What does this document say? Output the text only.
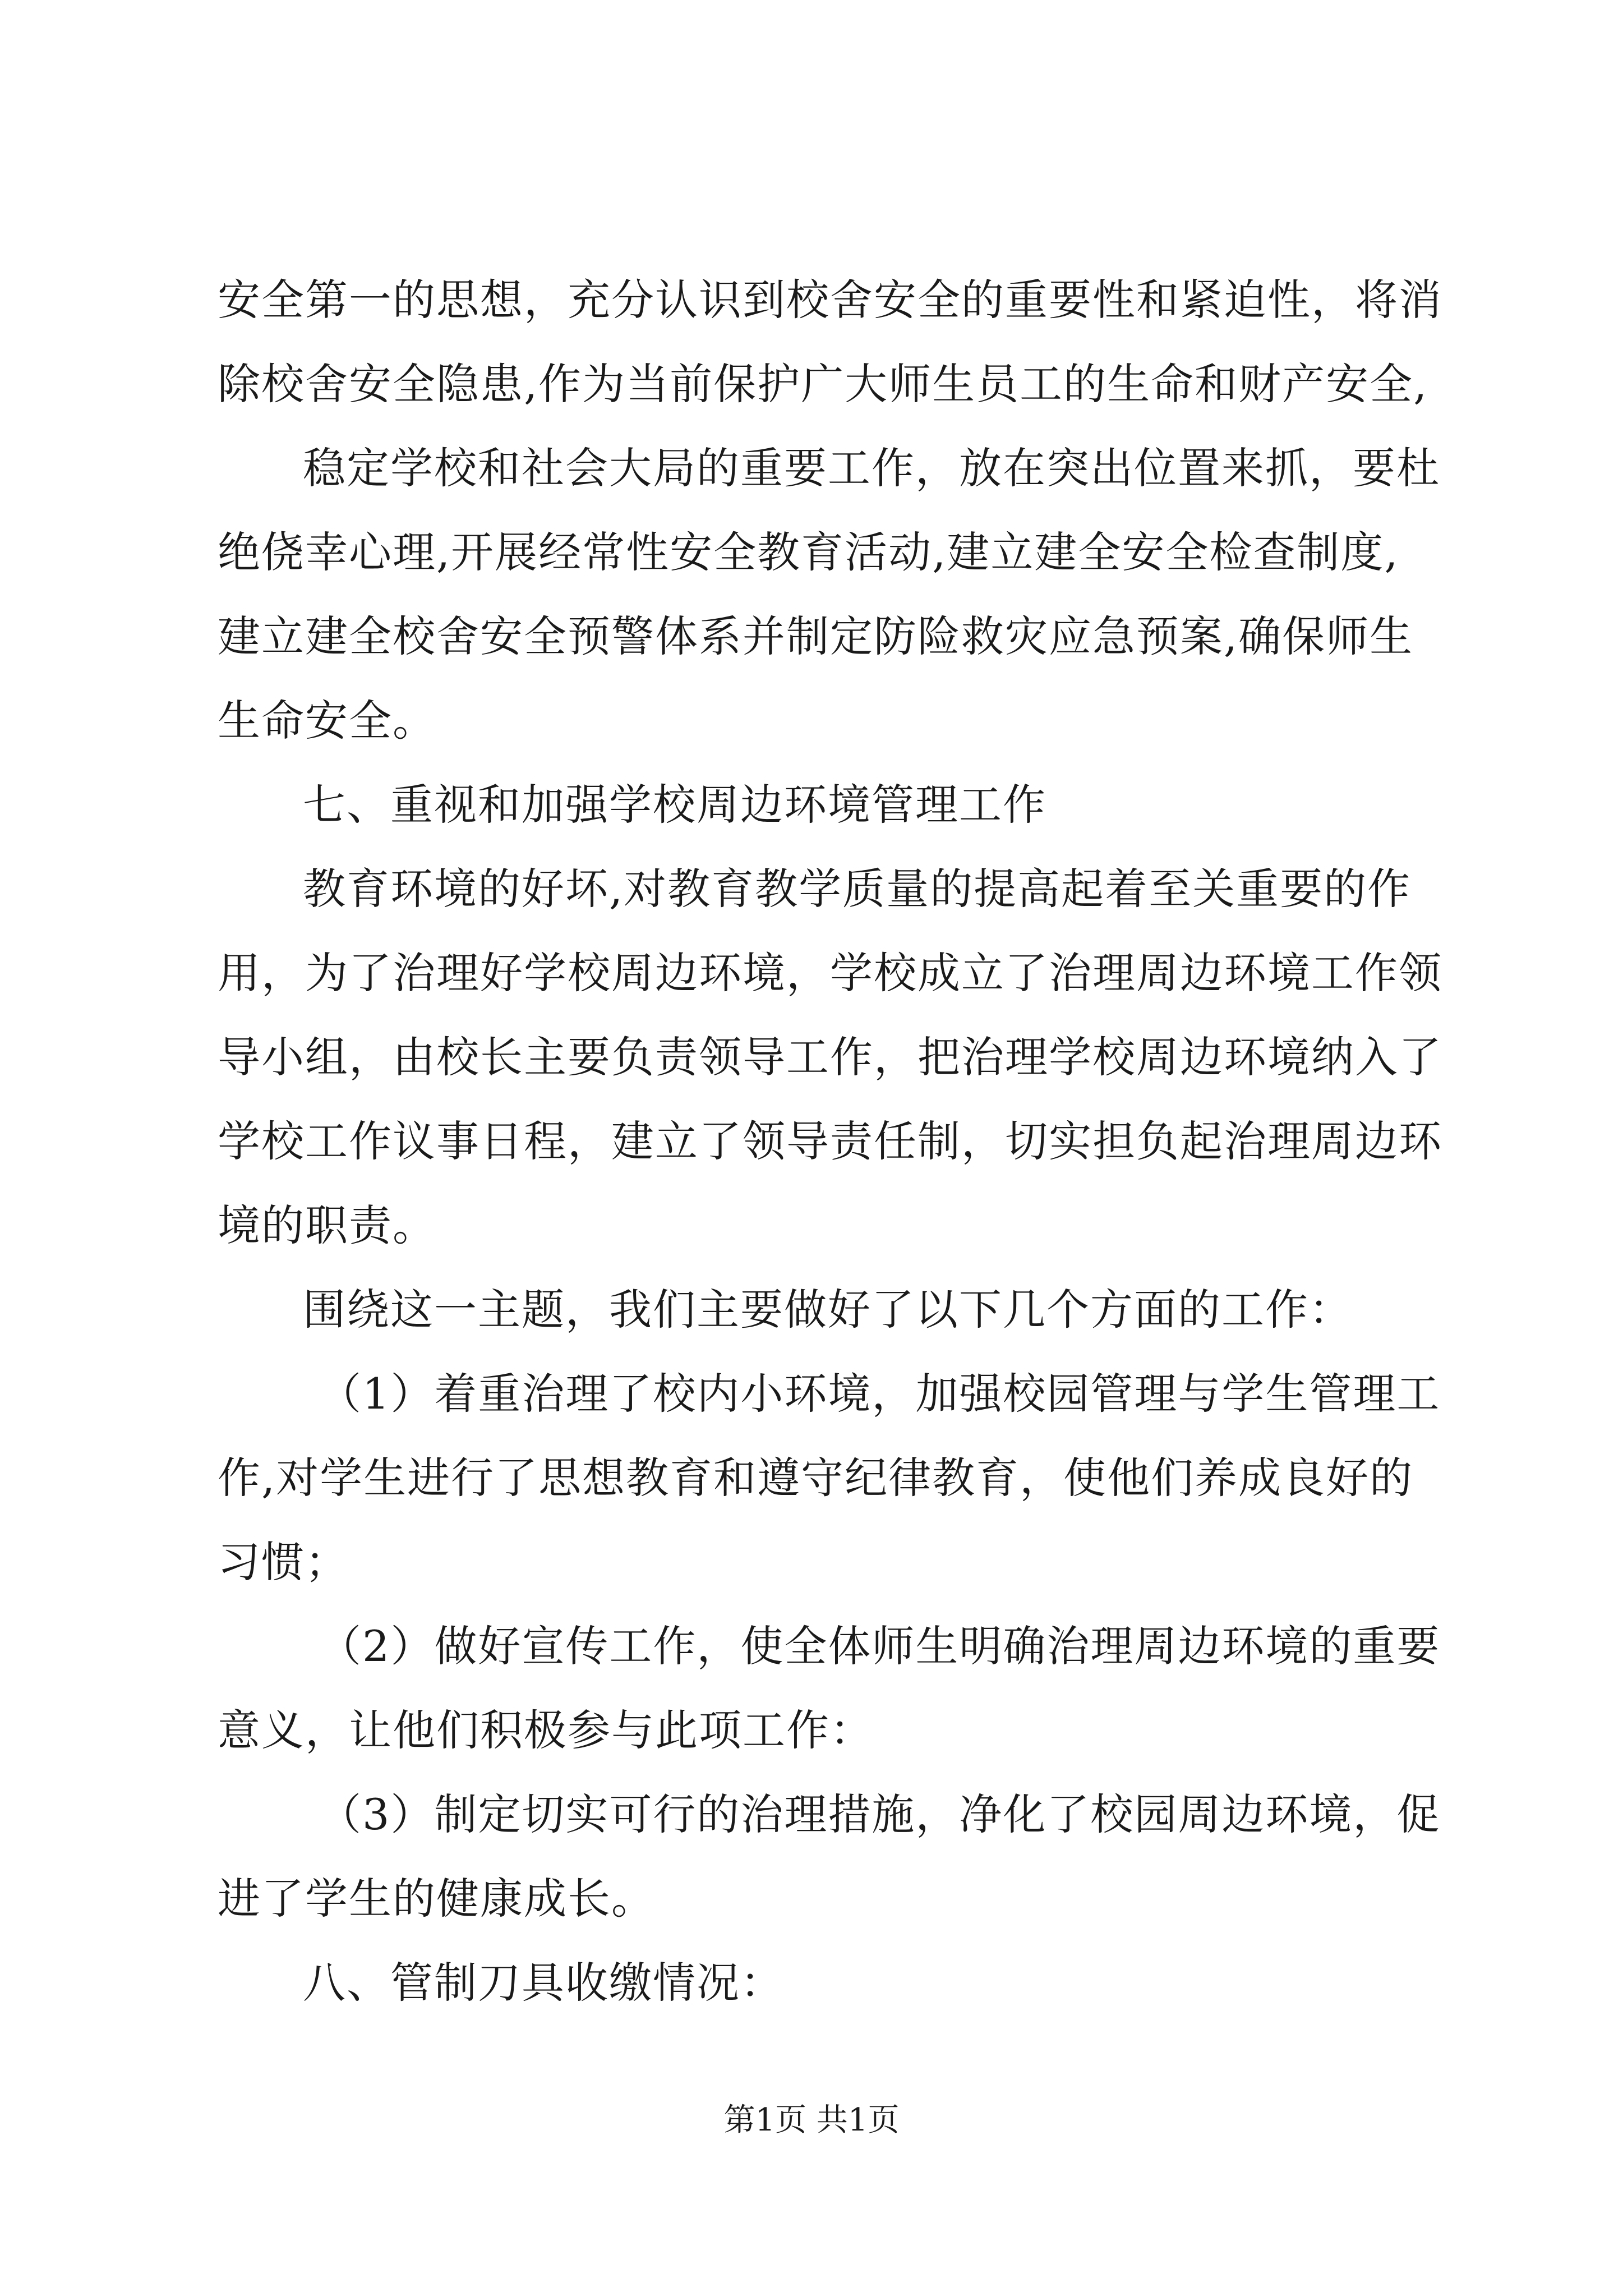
安全第一的思想，充分认识到校舍安全的重要性和紧迫性，将消
除校舍安全隐患,作为当前保护广大师生员工的生命和财产安全,
稳定学校和社会大局的重要工作，放在突出位置来抓，要杜
绝侥幸心理,开展经常性安全教育活动,建立建全安全检查制度,
建立建全校舍安全预警体系并制定防险救灾应急预案,确保师生
生命安全。
七、重视和加强学校周边环境管理工作
教育环境的好坏,对教育教学质量的提高起着至关重要的作
用，为了治理好学校周边环境，学校成立了治理周边环境工作领
导小组，由校长主要负责领导工作，把治理学校周边环境纳入了
学校工作议事日程，建立了领导责任制，切实担负起治理周边环
境的职责。
围绕这一主题，我们主要做好了以下几个方面的工作：
（1）着重治理了校内小环境，加强校园管理与学生管理工
作,对学生进行了思想教育和遵守纪律教育，使他们养成良好的
习惯；
（2）做好宣传工作，使全体师生明确治理周边环境的重要
意义，让他们积极参与此项工作：
（3）制定切实可行的治理措施，净化了校园周边环境，促
进了学生的健康成长。
八、管制刀具收缴情况：
第1页 共1页
